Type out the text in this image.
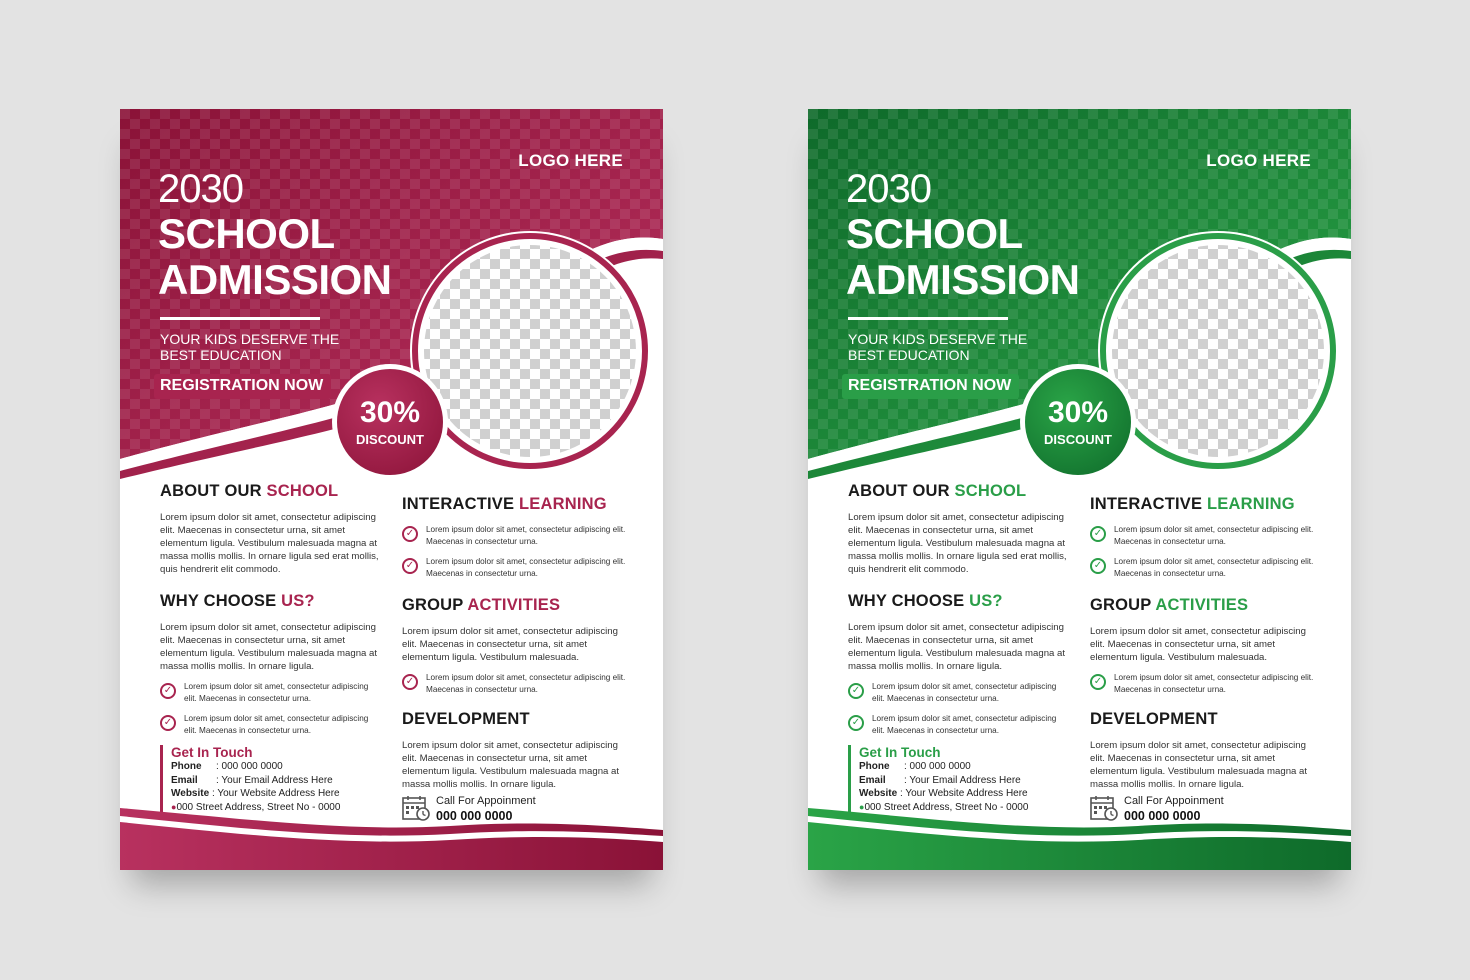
LOGO HERE
2030
SCHOOL
ADMISSION
YOUR KIDS DESERVE THE
BEST EDUCATION
REGISTRATION NOW
30%
DISCOUNT
ABOUT OUR SCHOOL
Lorem ipsum dolor sit amet, consectetur adipiscing elit. Maecenas in consectetur urna, sit amet elementum ligula. Vestibulum malesuada magna at massa mollis mollis. In ornare ligula sed erat mollis, quis hendrerit elit commodo.
WHY CHOOSE US?
Lorem ipsum dolor sit amet, consectetur adipiscing elit. Maecenas in consectetur urna, sit amet elementum ligula. Vestibulum malesuada magna at massa mollis mollis. In ornare ligula.
✓	Lorem ipsum dolor sit amet, consectetur adipiscing elit. Maecenas in consectetur urna.
✓	Lorem ipsum dolor sit amet, consectetur adipiscing elit. Maecenas in consectetur urna.
INTERACTIVE LEARNING
✓	Lorem ipsum dolor sit amet, consectetur adipiscing elit. Maecenas in consectetur urna.
✓	Lorem ipsum dolor sit amet, consectetur adipiscing elit. Maecenas in consectetur urna.
GROUP ACTIVITIES
Lorem ipsum dolor sit amet, consectetur adipiscing elit. Maecenas in consectetur urna, sit amet elementum ligula. Vestibulum malesuada.
✓	Lorem ipsum dolor sit amet, consectetur adipiscing elit. Maecenas in consectetur urna.
DEVELOPMENT
Lorem ipsum dolor sit amet, consectetur adipiscing elit. Maecenas in consectetur urna, sit amet elementum ligula. Vestibulum malesuada magna at massa mollis mollis. In ornare ligula.
Get In Touch
Phone : 000 000 0000
Email : Your Email Address Here
Website : Your Website Address Here
●000 Street Address, Street No - 0000	Call For Appoinment
000 000 0000
LOGO HERE
2030
SCHOOL
ADMISSION
YOUR KIDS DESERVE THE
BEST EDUCATION
REGISTRATION NOW
30%
DISCOUNT
ABOUT OUR SCHOOL
Lorem ipsum dolor sit amet, consectetur adipiscing elit. Maecenas in consectetur urna, sit amet elementum ligula. Vestibulum malesuada magna at massa mollis mollis. In ornare ligula sed erat mollis, quis hendrerit elit commodo.
WHY CHOOSE US?
Lorem ipsum dolor sit amet, consectetur adipiscing elit. Maecenas in consectetur urna, sit amet elementum ligula. Vestibulum malesuada magna at massa mollis mollis. In ornare ligula.
✓	Lorem ipsum dolor sit amet, consectetur adipiscing elit. Maecenas in consectetur urna.
✓	Lorem ipsum dolor sit amet, consectetur adipiscing elit. Maecenas in consectetur urna.
INTERACTIVE LEARNING
✓	Lorem ipsum dolor sit amet, consectetur adipiscing elit. Maecenas in consectetur urna.
✓	Lorem ipsum dolor sit amet, consectetur adipiscing elit. Maecenas in consectetur urna.
GROUP ACTIVITIES
Lorem ipsum dolor sit amet, consectetur adipiscing elit. Maecenas in consectetur urna, sit amet elementum ligula. Vestibulum malesuada.
✓	Lorem ipsum dolor sit amet, consectetur adipiscing elit. Maecenas in consectetur urna.
DEVELOPMENT
Lorem ipsum dolor sit amet, consectetur adipiscing elit. Maecenas in consectetur urna, sit amet elementum ligula. Vestibulum malesuada magna at massa mollis mollis. In ornare ligula.
Get In Touch
Phone : 000 000 0000
Email : Your Email Address Here
Website : Your Website Address Here
●000 Street Address, Street No - 0000	Call For Appoinment
000 000 0000
